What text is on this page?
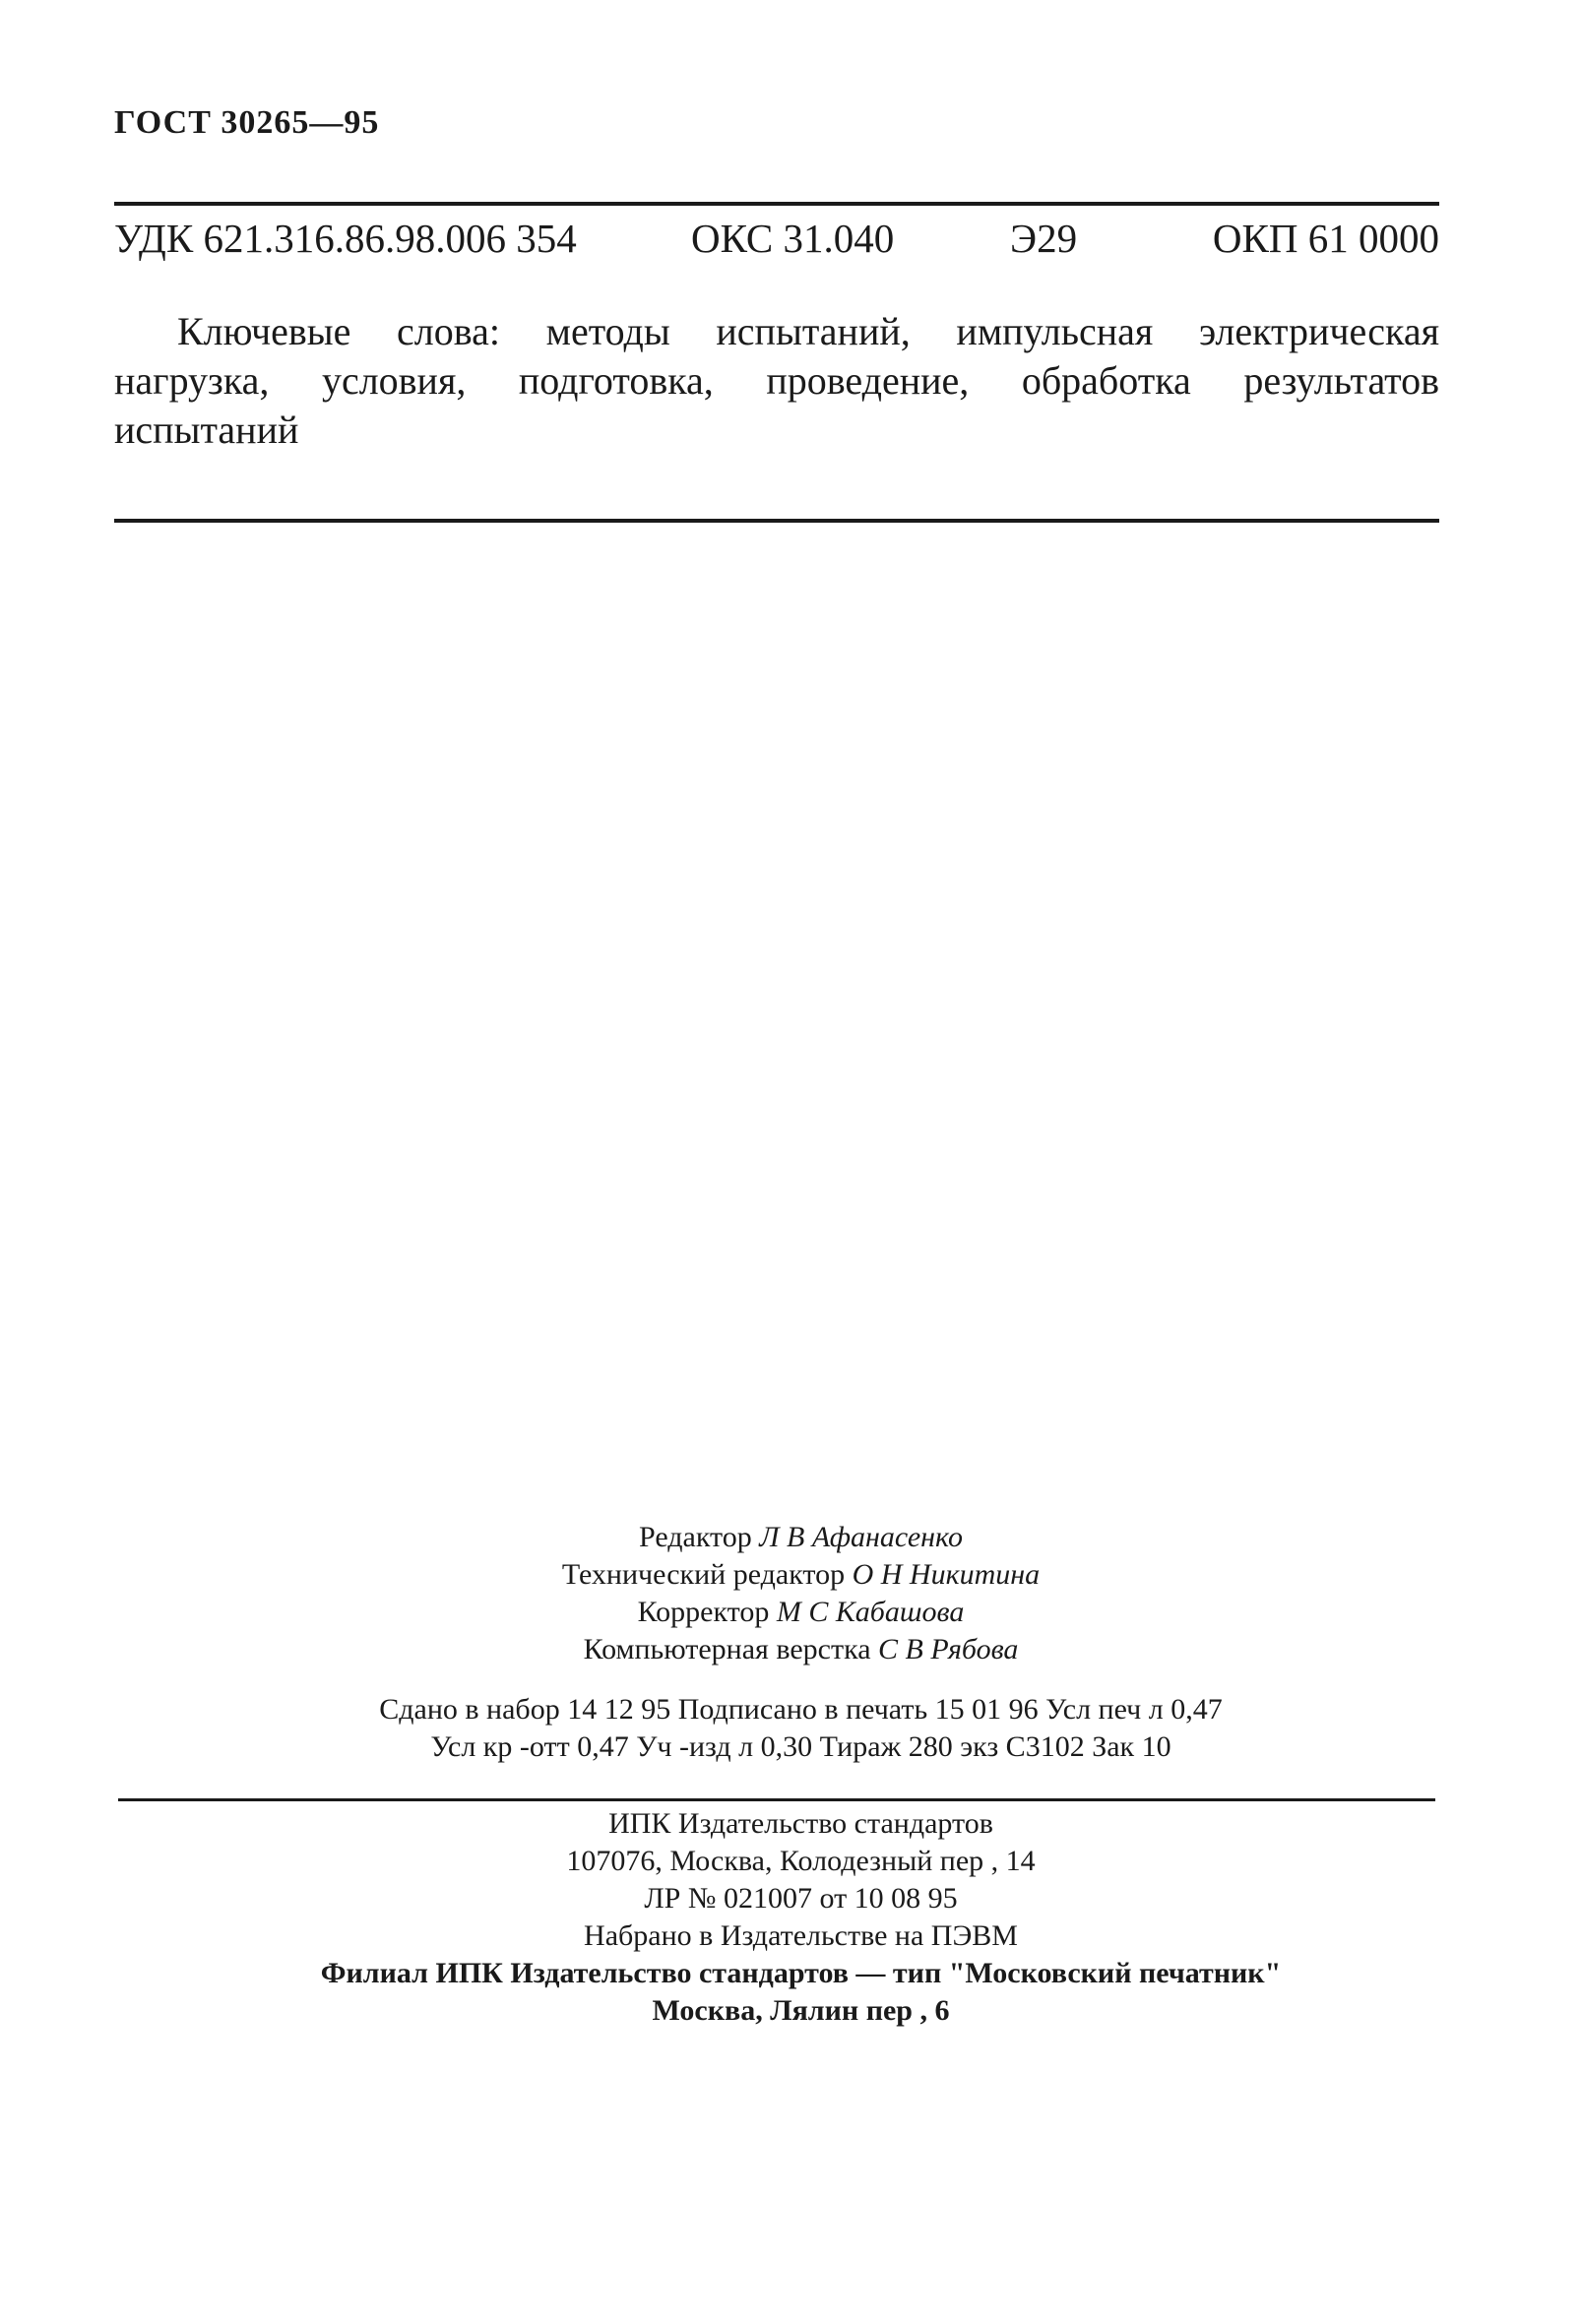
ГОСТ 30265—95
УДК 621.316.86.98.006 354	ОКС 31.040	Э29	ОКП 61 0000
Ключевые слова: методы испытаний, импульсная электрическая
нагрузка, условия, подготовка, проведение, обработка результатов
испытаний
Редактор Л В Афанасенко
Технический редактор О Н Никитина
Корректор М С Кабашова
Компьютерная верстка С В Рябова
Сдано в набор 14 12 95 Подписано в печать 15 01 96 Усл печ л 0,47
Усл кр -отт 0,47 Уч -изд л 0,30 Тираж 280 экз С3102 Зак 10
ИПК Издательство стандартов
107076, Москва, Колодезный пер , 14
ЛР № 021007 от 10 08 95
Набрано в Издательстве на ПЭВМ
Филиал ИПК Издательство стандартов — тип "Московский печатник"
Москва, Лялин пер , 6
